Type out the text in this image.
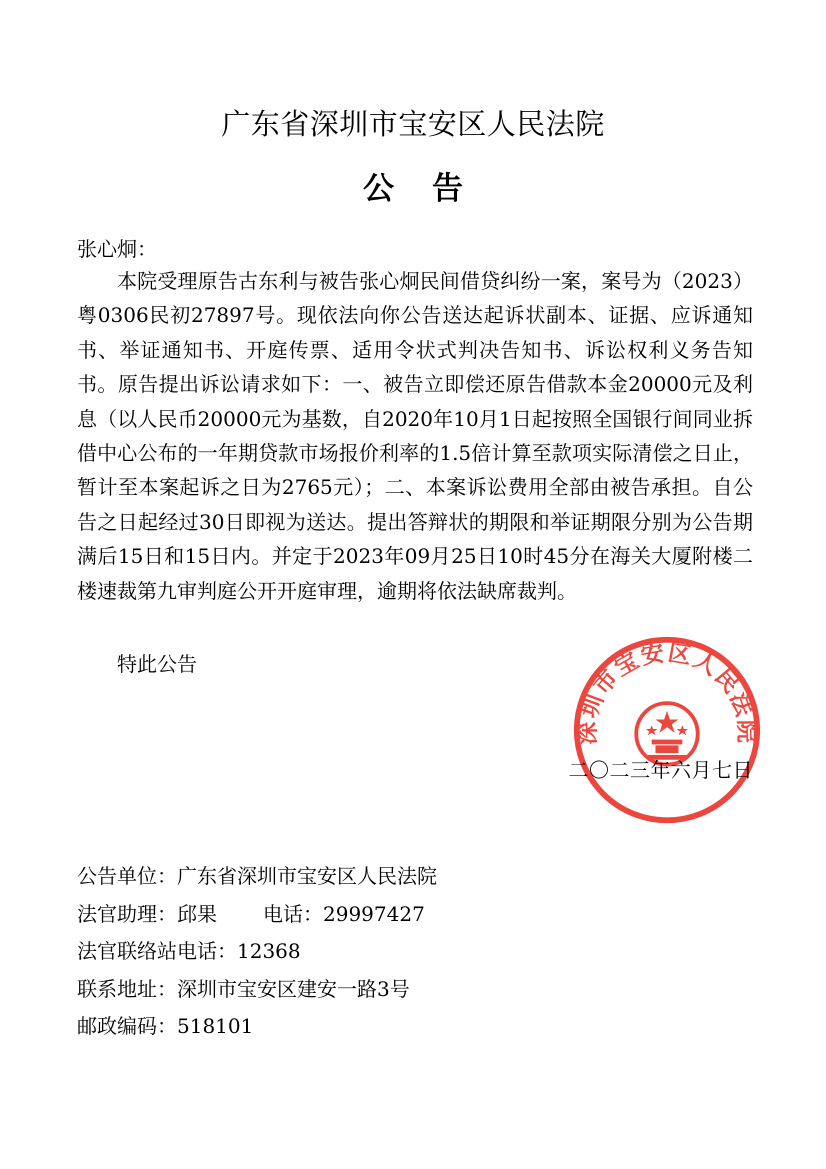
广东省深圳市宝安区人民法院
公告
张心炯：

本院受理原告古东利与被告张心炯民间借贷纠纷一案，案号为（2023）粤0306民初27897号。现依法向你公告送达起诉状副本、证据、应诉通知书、举证通知书、开庭传票、适用令状式判决告知书、诉讼权利义务告知书。原告提出诉讼请求如下：一、被告立即偿还原告借款本金20000元及利息（以人民币20000元为基数，自2020年10月1日起按照全国银行间同业拆借中心公布的一年期贷款市场报价利率的1.5倍计算至款项实际清偿之日止，暂计至本案起诉之日为2765元）；二、本案诉讼费用全部由被告承担。自公告之日起经过30日即视为送达。提出答辩状的期限和举证期限分别为公告期满后15日和15日内。并定于2023年09月25日10时45分在海关大厦附楼二楼速裁第九审判庭公开开庭审理，逾期将依法缺席裁判。

特此公告
深圳市宝安区人民法院
二〇二三年六月七日
公告单位：广东省深圳市宝安区人民法院
法官助理：邱果 电话：29997427
法官联络站电话：12368
联系地址：深圳市宝安区建安一路3号
邮政编码：518101
